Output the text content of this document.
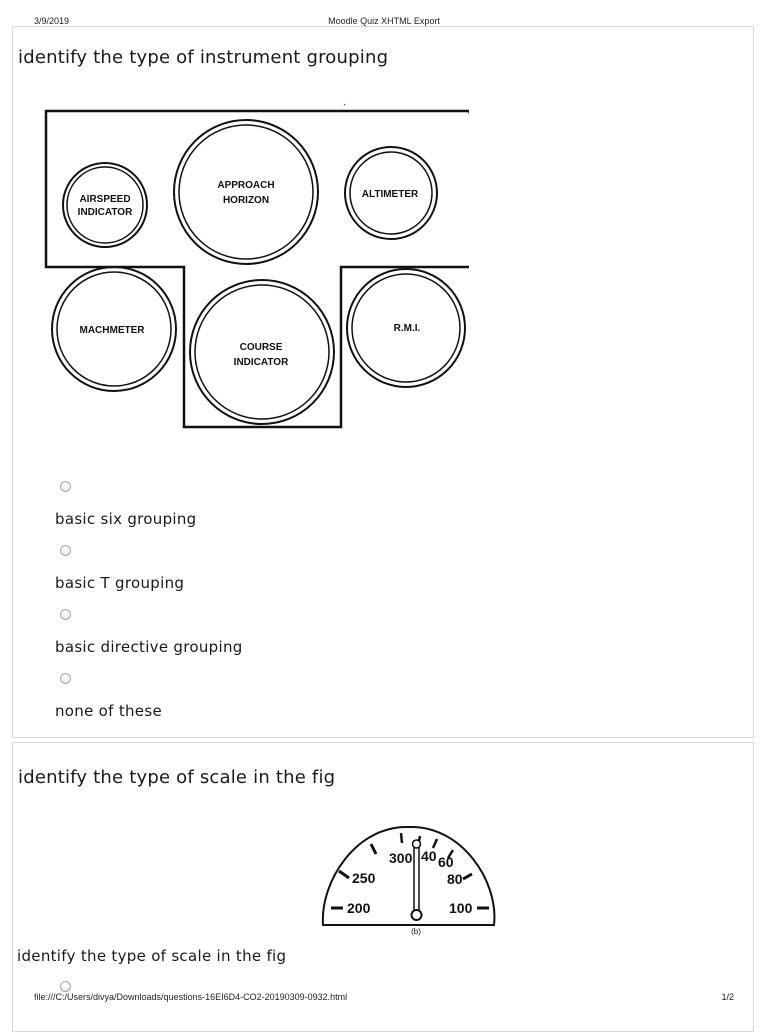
3/9/2019	Moodle Quiz XHTML Export
identify the type of instrument grouping
AIRSPEED
INDICATOR
APPROACH
HORIZON
ALTIMETER
MACHMETER
COURSE
INDICATOR
R.M.I.
basic six grouping
basic T grouping
basic directive grouping
none of these
identify the type of scale in the fig
200
250
300 40 60
80
100
(b)
identify the type of scale in the fig
file:///C:/Users/divya/Downloads/questions-16EI6D4-CO2-20190309-0932.html	1/2
